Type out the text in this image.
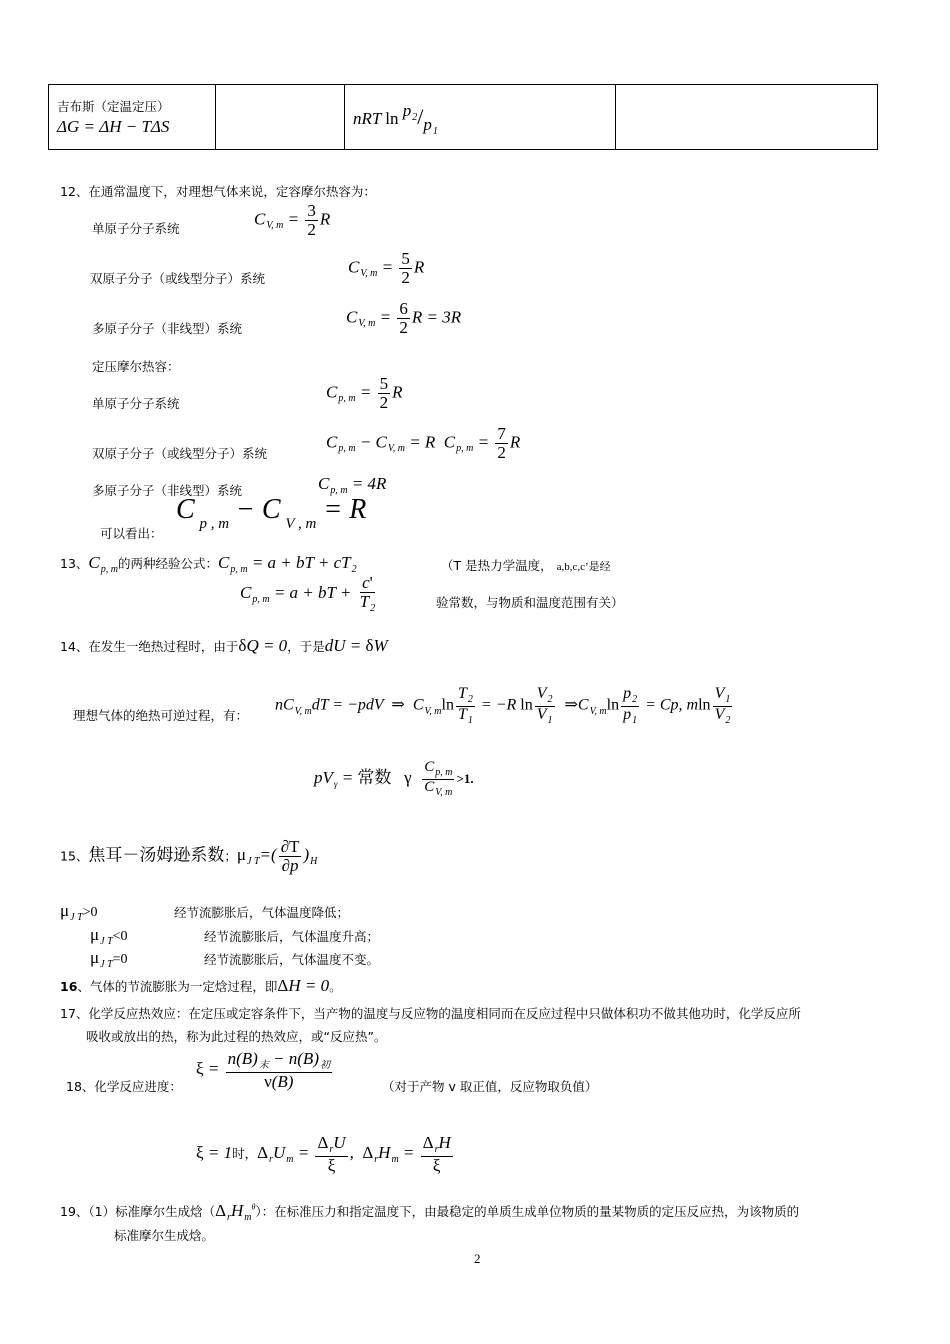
吉布斯（定温定压）
ΔG = ΔH − TΔS		nRT $\ln p_2/p_1$	
12、在通常温度下，对理想气体来说，定容摩尔热容为：
单原子分子系统
$C_{V, m} = \frac{3}{2}$ R
双原子分子（或线型分子）系统
$C_{V, m} = \frac{5}{2}$ R
多原子分子（非线型）系统
$C_{V, m} = \frac{6}{2}$ R = 3R
定压摩尔热容：
单原子分子系统
$C_{p, m} = \frac{5}{2}$ R
双原子分子（或线型分子）系统
$C_{p, m} - C_{V, m} = R$  $C_{p, m} = \frac{7}{2}$ R
多原子分子（非线型）系统	$C_{p, m} = 4R$
可以看出：
C $_{p , m}$ − C $_{V , m}$ = R
13、$C_{p, m}$的两种经验公式：$C_{p, m} = a$ + bT + $cT_2$	（T 是热力学温度， a,b,c,c’是经
$C_{p, m} = a$ + bT + $\frac{c'}{T_2}$	验常数，与物质和温度范围有关）
14、在发生一绝热过程时，由于δQ = 0，于是dU = δW
理想气体的绝热可逆过程，有：
$nC_{V, m}dT = -pdV$  ⇒  $C_{V, m}\ln \frac{T_2}{T_1} = -R$ $\ln \frac{V_2}{V_1}$ $\Rightarrow C_{V, m}\ln \frac{p_2}{p_1} = Cp$, mln $\frac{V_1}{V_2}$
$pV_\gamma$ = 常数 γ $\frac{C_{p, m}}{C_{V, m}} >1$.
15、焦耳－汤姆逊系数；$\mu_{J T}=( \frac{\partial T}{\partial p} )_H$
$\mu_{J T}>0$	经节流膨胀后，气体温度降低；
$\mu_{J T}<0$	经节流膨胀后，气体温度升高；
$\mu_{J T}=0$	经节流膨胀后，气体温度不变。
16、气体的节流膨胀为一定焓过程，即ΔH = 0。
17、化学反应热效应：在定压或定容条件下，当产物的温度与反应物的温度相同而在反应过程中只做体积功不做其他功时，化学反应所
吸收或放出的热，称为此过程的热效应，或“反应热”。
18、化学反应进度：
ξ =
$n(B)_末 - n(B)_初$
ν(B)	（对于产物 v 取正值，反应物取负值）
ξ = 1时，$\Delta_rU_m$ =
$\Delta_rU$
ξ
,  $\Delta_rH_m$ =
$\Delta_rH$
ξ
19、（1）标准摩尔生成焓$(\Delta_rH_m^\theta)$：在标准压力和指定温度下，由最稳定的单质生成单位物质的量某物质的定压反应热，为该物质的
标准摩尔生成焓。
2
